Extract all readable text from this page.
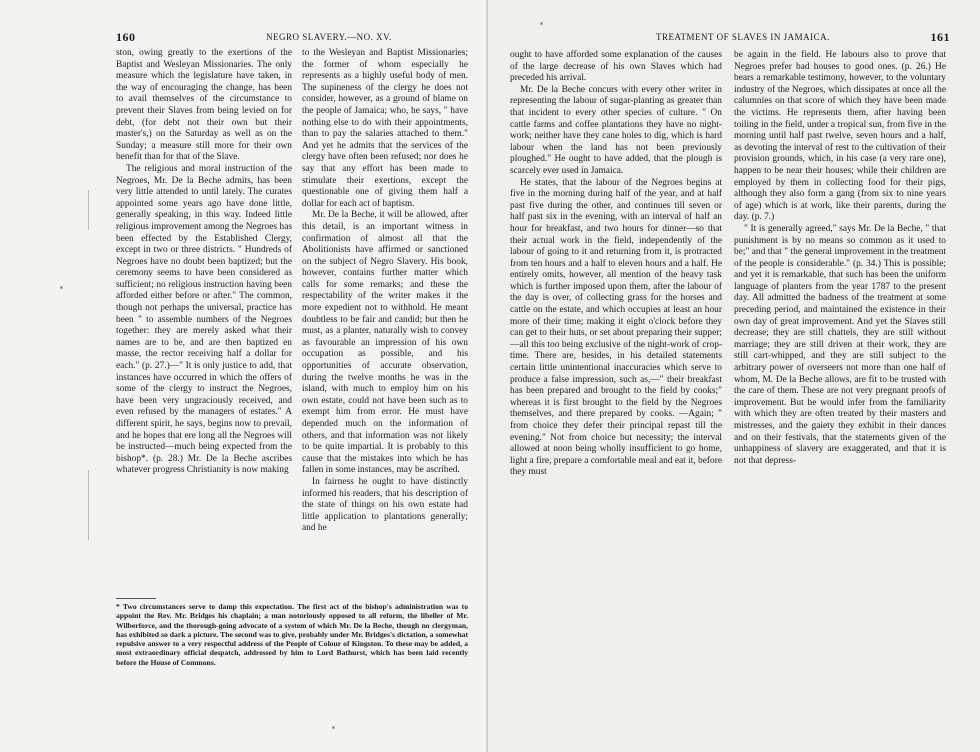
160	NEGRO SLAVERY.—NO. XV.

ston, owing greatly to the exertions of the Baptist and Wesleyan Missionaries. The only measure which the legislature have taken, in the way of encouraging the change, has been to avail themselves of the circumstance to prevent their Slaves from being levied on for debt, (for debt not their own but their master's,) on the Saturday as well as on the Sunday; a measure still more for their own benefit than for that of the Slave.

The religious and moral instruction of the Negroes, Mr. De la Beche admits, has been very little attended to until lately. The curates appointed some years ago have done little, generally speaking, in this way. Indeed little religious improvement among the Negroes has been effected by the Established Clergy, except in two or three districts. " Hundreds of Negroes have no doubt been baptized; but the ceremony seems to have been considered as sufficient; no religious instruction having been afforded either before or after." The common, though not perhaps the universal, practice has been " to assemble numbers of the Negroes together: they are merely asked what their names are to be, and are then baptized en masse, the rector receiving half a dollar for each." (p. 27.)—" It is only justice to add, that instances have occurred in which the offers of some of the clergy to instruct the Negroes, have been very ungraciously received, and even refused by the managers of estates." A different spirit, he says, begins now to prevail, and he hopes that ere long all the Negroes will be instructed—much being expected from the bishop*. (p. 28.) Mr. De la Beche ascribes whatever progress Christianity is now making

to the Wesleyan and Baptist Missionaries; the former of whom especially he represents as a highly useful body of men. The supineness of the clergy he does not consider, however, as a ground of blame on the people of Jamaica; who, he says, " have nothing else to do with their appointments, than to pay the salaries attached to them." And yet he admits that the services of the clergy have often been refused; nor does he say that any effort has been made to stimulate their exertions, except the questionable one of giving them half a dollar for each act of baptism.

Mr. De la Beche, it will be allowed, after this detail, is an important witness in confirmation of almost all that the Abolitionists have affirmed or sanctioned on the subject of Negro Slavery. His book, however, contains further matter which calls for some remarks; and these the respectability of the writer makes it the more expedient not to withhold. He meant doubtless to be fair and candid; but then he must, as a planter, naturally wish to convey as favourable an impression of his own occupation as possible, and his opportunities of accurate observation, during the twelve months he was in the island, with much to employ him on his own estate, could not have been such as to exempt him from error. He must have depended much on the information of others, and that information was not likely to be quite impartial. It is probably to this cause that the mistakes into which he has fallen in some instances, may be ascribed.

In fairness he ought to have distinctly informed his readers, that his description of the state of things on his own estate had little application to plantations generally; and he

* Two circumstances serve to damp this expectation. The first act of the bishop's administration was to appoint the Rev. Mr. Bridges his chaplain; a man notoriously opposed to all reform, the libeller of Mr. Wilberforce, and the thorough-going advocate of a system of which Mr. De la Beche, though no clergyman, has exhibited so dark a picture. The second was to give, probably under Mr. Bridges's dictation, a somewhat repulsive answer to a very respectful address of the People of Colour of Kingston. To these may be added, a most extraordinary official despatch, addressed by him to Lord Bathurst, which has been laid recently before the House of Commons.
TREATMENT OF SLAVES IN JAMAICA.	161

ought to have afforded some explanation of the causes of the large decrease of his own Slaves which had preceded his arrival.

Mr. De la Beche concurs with every other writer in representing the labour of sugar-planting as greater than that incident to every other species of culture. " On cattle farms and coffee plantations they have no night-work; neither have they cane holes to dig, which is hard labour when the land has not been previously ploughed." He ought to have added, that the plough is scarcely ever used in Jamaica.

He states, that the labour of the Negroes begins at five in the morning during half of the year, and at half past five during the other, and continues till seven or half past six in the evening, with an interval of half an hour for breakfast, and two hours for dinner—so that their actual work in the field, independently of the labour of going to it and returning from it, is protracted from ten hours and a half to eleven hours and a half. He entirely omits, however, all mention of the heavy task which is further imposed upon them, after the labour of the day is over, of collecting grass for the horses and cattle on the estate, and which occupies at least an hour more of their time; making it eight o'clock before they can get to their huts, or set about preparing their supper;—all this too being exclusive of the night-work of crop-time. There are, besides, in his detailed statements certain little unintentional inaccuracies which serve to produce a false impression, such as,—" their breakfast has been prepared and brought to the field by cooks;" whereas it is first brought to the field by the Negroes themselves, and there prepared by cooks. —Again; " from choice they defer their principal repast till the evening." Not from choice but necessity; the interval allowed at noon being wholly insufficient to go home, light a fire, prepare a comfortable meal and eat it, before they must

be again in the field. He labours also to prove that Negroes prefer bad houses to good ones. (p. 26.) He bears a remarkable testimony, however, to the voluntary industry of the Negroes, which dissipates at once all the calumnies on that score of which they have been made the victims. He represents them, after having been toiling in the field, under a tropical sun, from five in the morning until half past twelve, seven hours and a half, as devoting the interval of rest to the cultivation of their provision grounds, which, in his case (a very rare one), happen to be near their houses; while their children are employed by them in collecting food for their pigs, although they also form a gang (from six to nine years of age) which is at work, like their parents, during the day. (p. 7.)

" It is generally agreed," says Mr. De la Beche, " that punishment is by no means so common as it used to be;" and that " the general improvement in the treatment of the people is considerable." (p. 34.) This is possible; and yet it is remarkable, that such has been the uniform language of planters from the year 1787 to the present day. All admitted the badness of the treatment at some preceding period, and maintained the existence in their own day of great improvement. And yet the Slaves still decrease; they are still chattels, they are still without marriage; they are still driven at their work, they are still cart-whipped, and they are still subject to the arbitrary power of overseers not more than one half of whom, M. De la Beche allows, are fit to be trusted with the care of them. These are not very pregnant proofs of improvement. But he would infer from the familiarity with which they are often treated by their masters and mistresses, and the gaiety they exhibit in their dances and on their festivals, that the statements given of the unhappiness of slavery are exaggerated, and that it is not that depress-
